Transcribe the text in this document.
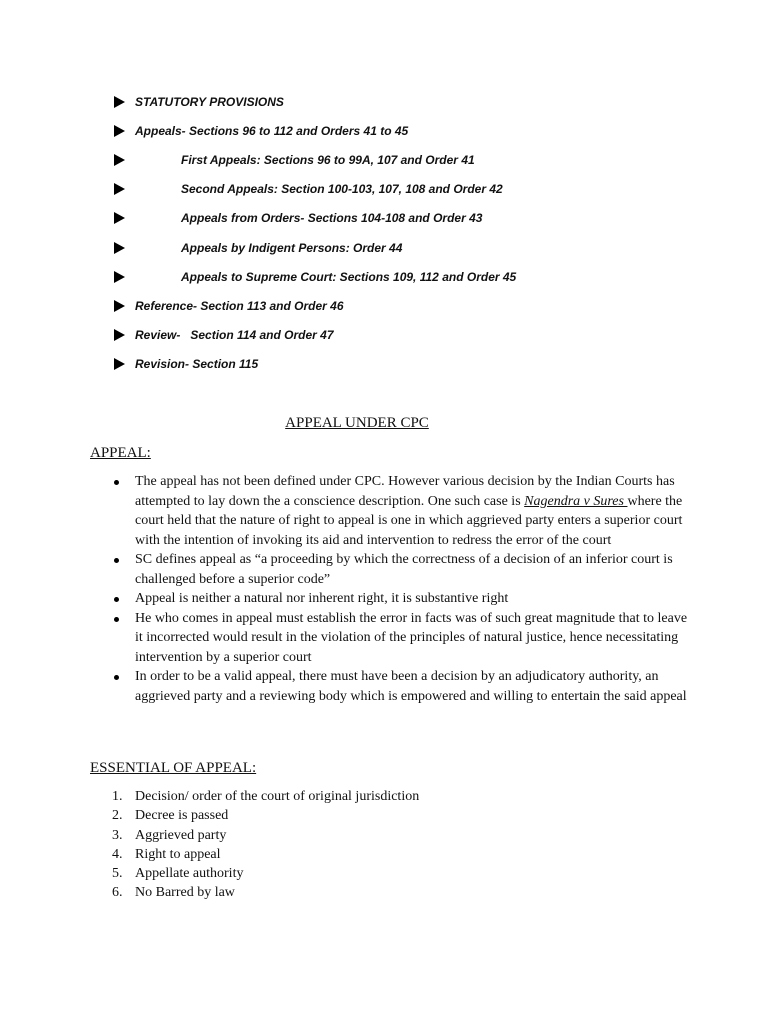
STATUTORY PROVISIONS
Appeals- Sections 96 to 112 and Orders 41 to 45
First Appeals: Sections 96 to 99A, 107 and Order 41
Second Appeals: Section 100-103, 107, 108 and Order 42
Appeals from Orders- Sections 104-108 and Order 43
Appeals by Indigent Persons: Order 44
Appeals to Supreme Court: Sections 109, 112 and Order 45
Reference- Section 113 and Order 46
Review-   Section 114 and Order 47
Revision- Section 115
APPEAL UNDER CPC
APPEAL:
The appeal has not been defined under CPC. However various decision by the Indian Courts has attempted to lay down the a conscience description. One such case is Nagendra v Sures where the court held that the nature of right to appeal is one in which aggrieved party enters a superior court with the intention of invoking its aid and intervention to redress the error of the court
SC defines appeal as “a proceeding by which the correctness of a decision of an inferior court is challenged before a superior code”
Appeal is neither a natural nor inherent right, it is substantive right
He who comes in appeal must establish the error in facts was of such great magnitude that to leave it incorrected would result in the violation of the principles of natural justice, hence necessitating intervention by a superior court
In order to be a valid appeal, there must have been a decision by an adjudicatory authority, an aggrieved party and a reviewing body which is empowered and willing to entertain the said appeal
ESSENTIAL OF APPEAL:
1. Decision/ order of the court of original jurisdiction
2. Decree is passed
3. Aggrieved party
4. Right to appeal
5. Appellate authority
6. No Barred by law
